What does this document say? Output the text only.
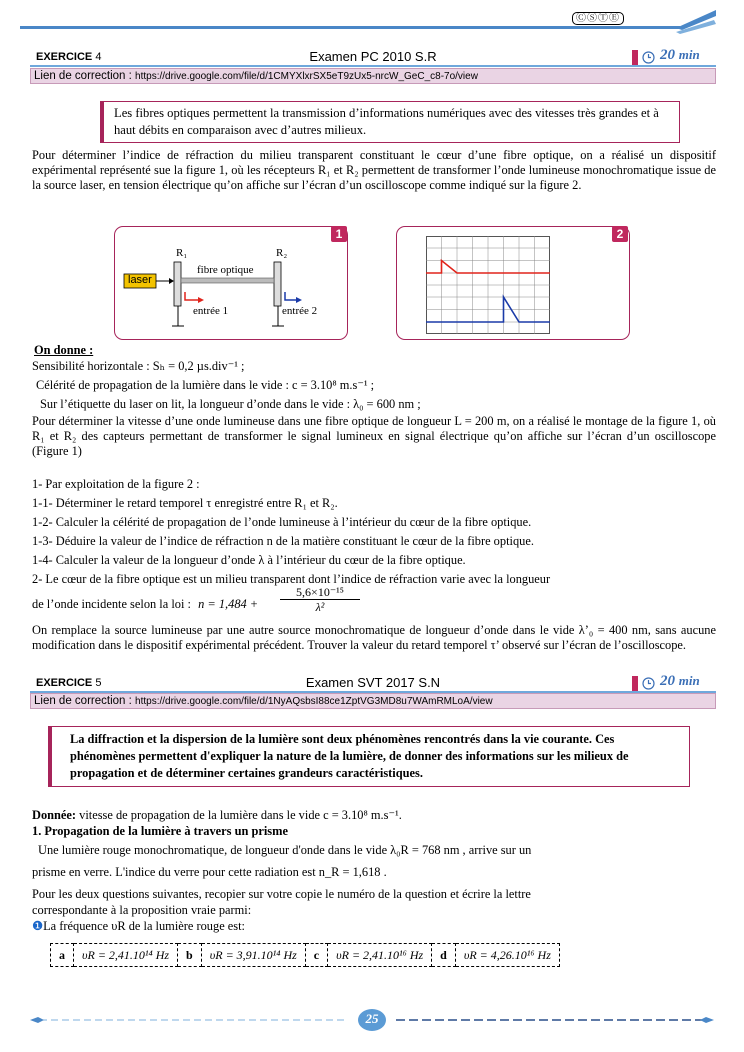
ⒸⓈⓉⒺ
EXERCICE 4	Examen PC 2010 S.R	20 min
Lien de correction : https://drive.google.com/file/d/1CMYXlxrSX5eT9zUx5-nrcW_GeC_c8-7o/view
Les fibres optiques permettent la transmission d’informations numériques avec des vitesses très grandes et à haut débits en comparaison avec d’autres milieux.
Pour déterminer l’indice de réfraction du milieu transparent constituant le cœur d’une fibre optique, on a réalisé un dispositif expérimental représenté sue la figure 1, où les récepteurs R₁ et R₂ permettent de transformer l’onde lumineuse monochromatique issue de la source laser, en tension électrique qu’on affiche sur l’écran d’un oscilloscope comme indiqué sur la figure 2.
1
laser
R₁	R₂
fibre optique
entrée 1	entrée 2
2
On donne :
Sensibilité horizontale : Sₕ = 0,2 µs.div⁻¹ ;
Célérité de propagation de la lumière dans le vide : c = 3.10⁸ m.s⁻¹ ;
Sur l’étiquette du laser on lit, la longueur d’onde dans le vide : λ₀ = 600 nm ;
Pour déterminer la vitesse d’une onde lumineuse dans une fibre optique de longueur L = 200 m, on a réalisé le montage de la figure 1, où R₁ et R₂ des capteurs permettant de transformer le signal lumineux en signal électrique qu’on affiche sur l’écran d’un oscilloscope (Figure 1)
1- Par exploitation de la figure 2 :
1-1- Déterminer le retard temporel τ enregistré entre R₁ et R₂.
1-2- Calculer la célérité de propagation de l’onde lumineuse à l’intérieur du cœur de la fibre optique.
1-3- Déduire la valeur de l’indice de réfraction n de la matière constituant le cœur de la fibre optique.
1-4- Calculer la valeur de la longueur d’onde λ à l’intérieur du cœur de la fibre optique.
2- Le cœur de la fibre optique est un milieu transparent dont l’indice de réfraction varie avec la longueur
de l’onde incidente selon la loi : n = 1,484 +
5,6×10⁻¹⁵
λ²
On remplace la source lumineuse par une autre source monochromatique de longueur d’onde dans le vide λ’₀ = 400 nm, sans aucune modification dans le dispositif expérimental précédent. Trouver la valeur du retard temporel τ’ observé sur l’écran de l’oscilloscope.
EXERCICE 5	Examen SVT 2017 S.N	20 min
Lien de correction : https://drive.google.com/file/d/1NyAQsbsI88ce1ZptVG3MD8u7WAmRMLoA/view
La diffraction et la dispersion de la lumière sont deux phénomènes rencontrés dans la vie courante. Ces phénomènes permettent d'expliquer la nature de la lumière, de donner des informations sur les milieux de propagation et de déterminer certaines grandeurs caractéristiques.
Donnée: vitesse de propagation de la lumière dans le vide c = 3.10⁸ m.s⁻¹.
1. Propagation de la lumière à travers un prisme
Une lumière rouge monochromatique, de longueur d'onde dans le vide λ₀R = 768 nm , arrive sur un
prisme en verre. L'indice du verre pour cette radiation est n_R = 1,618 .
Pour les deux questions suivantes, recopier sur votre copie le numéro de la question et écrire la lettre
correspondante à la proposition vraie parmi:
❶La fréquence υR de la lumière rouge est:
a	υR = 2,41.10¹⁴ Hz	b	υR = 3,91.10¹⁴ Hz	c	υR = 2,41.10¹⁶ Hz	d	υR = 4,26.10¹⁶ Hz
25
